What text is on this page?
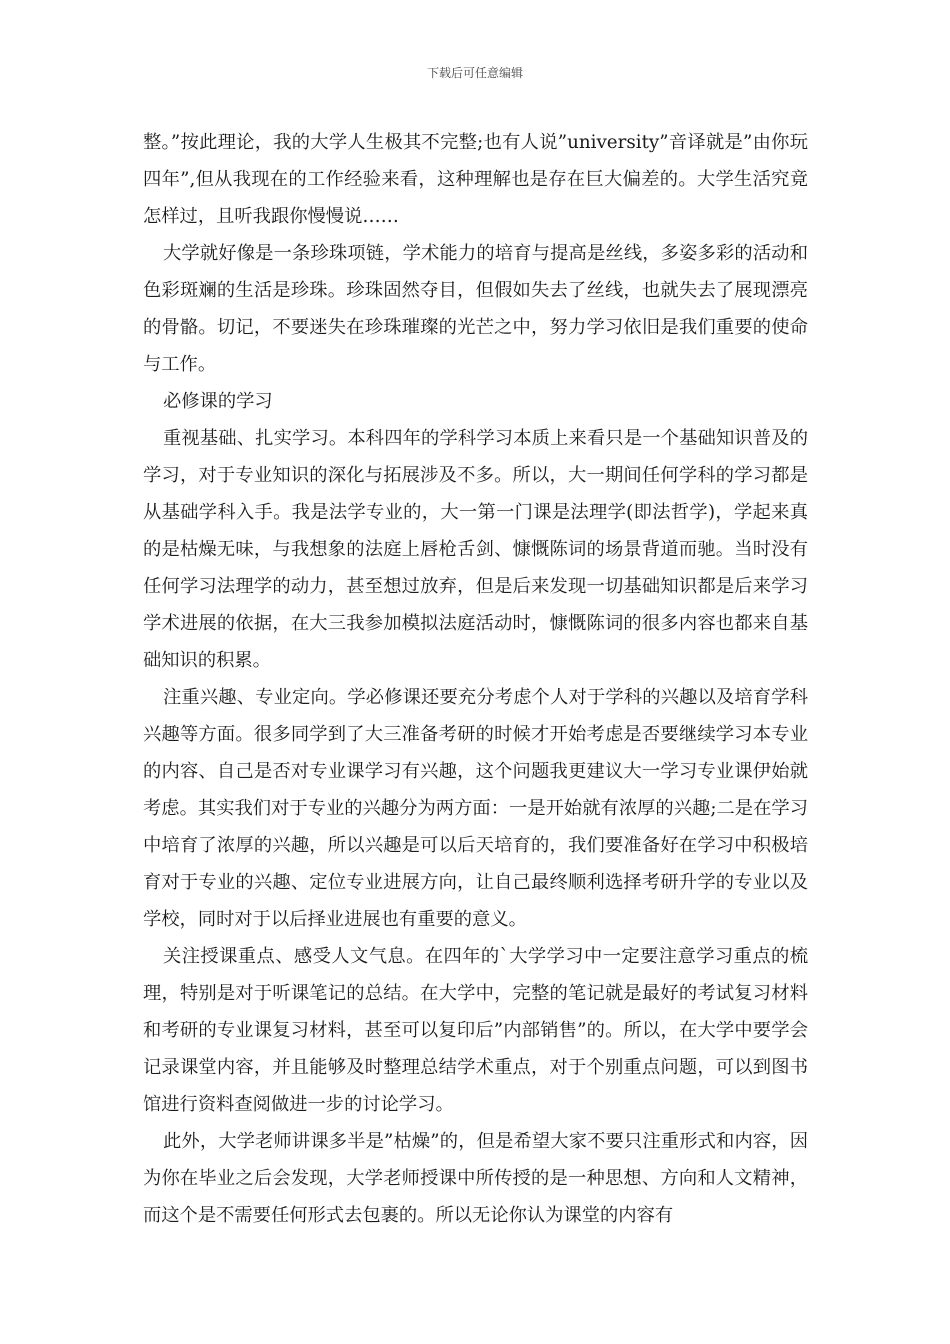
下载后可任意编辑

整。”按此理论，我的大学人生极其不完整;也有人说”university”音译就是”由你玩四年”,但从我现在的工作经验来看，这种理解也是存在巨大偏差的。大学生活究竟怎样过，且听我跟你慢慢说……

大学就好像是一条珍珠项链，学术能力的培育与提高是丝线，多姿多彩的活动和色彩斑斓的生活是珍珠。珍珠固然夺目，但假如失去了丝线，也就失去了展现漂亮的骨骼。切记，不要迷失在珍珠璀璨的光芒之中，努力学习依旧是我们重要的使命与工作。

必修课的学习

重视基础、扎实学习。本科四年的学科学习本质上来看只是一个基础知识普及的学习，对于专业知识的深化与拓展涉及不多。所以，大一期间任何学科的学习都是从基础学科入手。我是法学专业的，大一第一门课是法理学(即法哲学)，学起来真的是枯燥无味，与我想象的法庭上唇枪舌剑、慷慨陈词的场景背道而驰。当时没有任何学习法理学的动力，甚至想过放弃，但是后来发现一切基础知识都是后来学习学术进展的依据，在大三我参加模拟法庭活动时，慷慨陈词的很多内容也都来自基础知识的积累。

注重兴趣、专业定向。学必修课还要充分考虑个人对于学科的兴趣以及培育学科兴趣等方面。很多同学到了大三准备考研的时候才开始考虑是否要继续学习本专业的内容、自己是否对专业课学习有兴趣，这个问题我更建议大一学习专业课伊始就考虑。其实我们对于专业的兴趣分为两方面：一是开始就有浓厚的兴趣;二是在学习中培育了浓厚的兴趣，所以兴趣是可以后天培育的，我们要准备好在学习中积极培育对于专业的兴趣、定位专业进展方向，让自己最终顺利选择考研升学的专业以及学校，同时对于以后择业进展也有重要的意义。

关注授课重点、感受人文气息。在四年的`大学学习中一定要注意学习重点的梳理，特别是对于听课笔记的总结。在大学中，完整的笔记就是最好的考试复习材料和考研的专业课复习材料，甚至可以复印后”内部销售”的。所以，在大学中要学会记录课堂内容，并且能够及时整理总结学术重点，对于个别重点问题，可以到图书馆进行资料查阅做进一步的讨论学习。

此外，大学老师讲课多半是”枯燥”的，但是希望大家不要只注重形式和内容，因为你在毕业之后会发现，大学老师授课中所传授的是一种思想、方向和人文精神，而这个是不需要任何形式去包裹的。所以无论你认为课堂的内容有
